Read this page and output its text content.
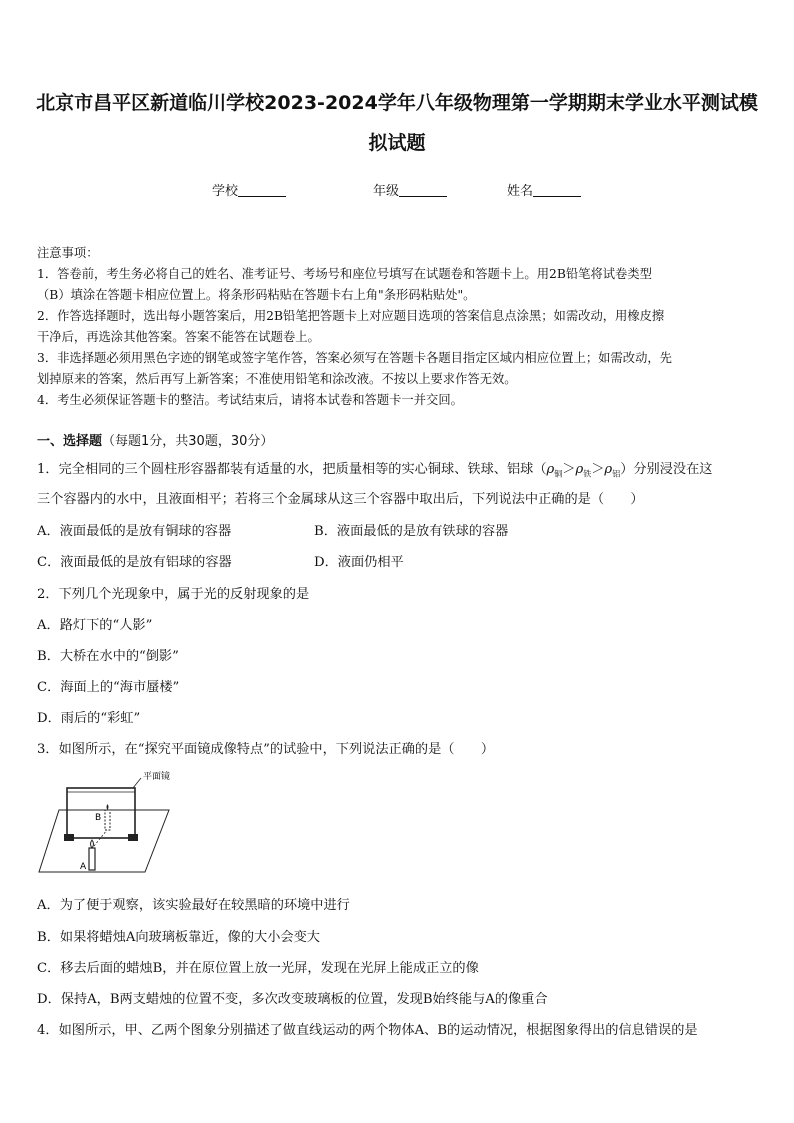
北京市昌平区新道临川学校2023-2024学年八年级物理第一学期期末学业水平测试模
拟试题
学校	年级	姓名

注意事项：

1．答卷前，考生务必将自己的姓名、准考证号、考场号和座位号填写在试题卷和答题卡上。用2B铅笔将试卷类型

（B）填涂在答题卡相应位置上。将条形码粘贴在答题卡右上角"条形码粘贴处"。

2．作答选择题时，选出每小题答案后，用2B铅笔把答题卡上对应题目选项的答案信息点涂黑；如需改动，用橡皮擦

干净后，再选涂其他答案。答案不能答在试题卷上。

3．非选择题必须用黑色字迹的钢笔或签字笔作答，答案必须写在答题卡各题目指定区域内相应位置上；如需改动，先

划掉原来的答案，然后再写上新答案；不准使用铅笔和涂改液。不按以上要求作答无效。

4．考生必须保证答题卡的整洁。考试结束后，请将本试卷和答题卡一并交回。

一、选择题（每题1分，共30题，30分）
1．完全相同的三个圆柱形容器都装有适量的水，把质量相等的实心铜球、铁球、铝球$(\rho_铜>\rho_铁>\rho_铝)$分别浸没在这
三个容器内的水中，且液面相平；若将三个金属球从这三个容器中取出后，下列说法中正确的是（　　）
A．液面最低的是放有铜球的容器	B．液面最低的是放有铁球的容器
C．液面最低的是放有铝球的容器	D．液面仍相平
2．下列几个光现象中，属于光的反射现象的是
A．路灯下的“人影”
B．大桥在水中的“倒影”
C．海面上的“海市蜃楼”
D．雨后的“彩虹”
3．如图所示，在“探究平面镜成像特点”的试验中，下列说法正确的是（　　）
平面镜
B
A
A．为了便于观察，该实验最好在较黑暗的环境中进行
B．如果将蜡烛A向玻璃板靠近，像的大小会变大
C．移去后面的蜡烛B，并在原位置上放一光屏，发现在光屏上能成正立的像
D．保持A，B两支蜡烛的位置不变，多次改变玻璃板的位置，发现B始终能与A的像重合
4．如图所示，甲、乙两个图象分别描述了做直线运动的两个物体A、B的运动情况，根据图象得出的信息错误的是
